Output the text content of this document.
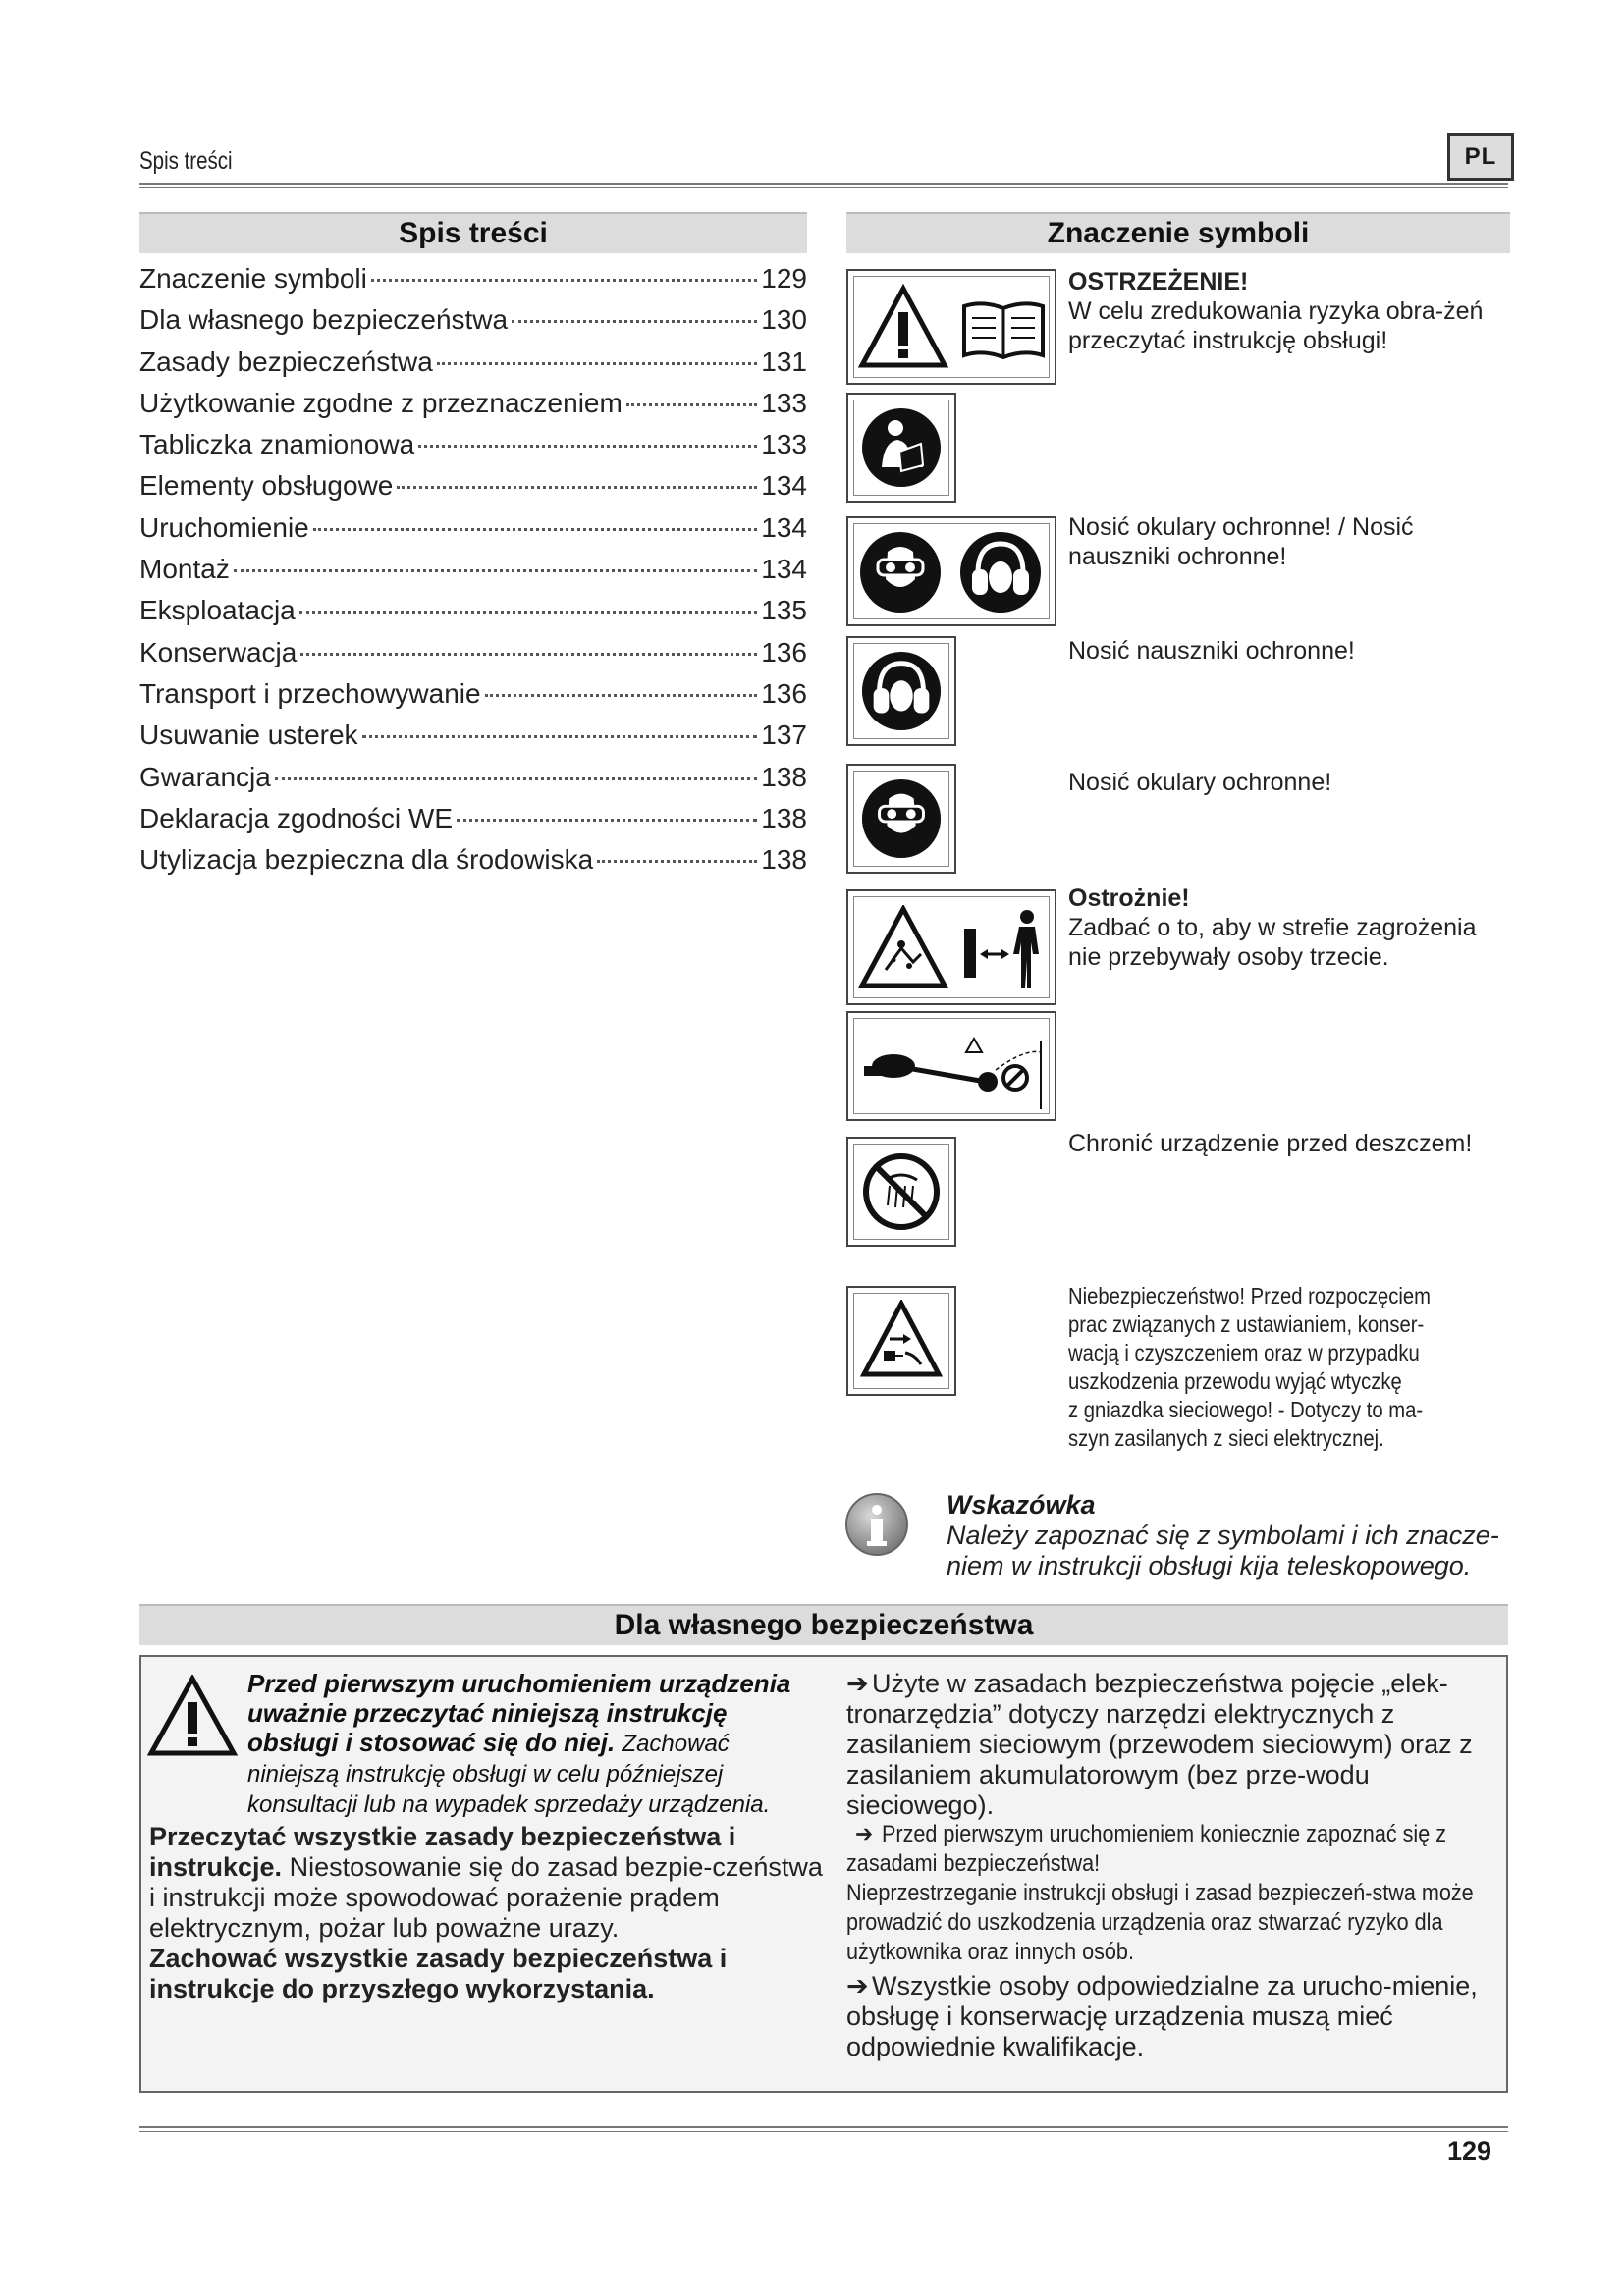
Spis treści	PL
Spis treści
Znaczenie symboli	129
Dla własnego bezpieczeństwa	130
Zasady bezpieczeństwa	131
Użytkowanie zgodne z przeznaczeniem	133
Tabliczka znamionowa	133
Elementy obsługowe	134
Uruchomienie	134
Montaż	134
Eksploatacja	135
Konserwacja	136
Transport i przechowywanie	136
Usuwanie usterek	137
Gwarancja	138
Deklaracja zgodności WE	138
Utylizacja bezpieczna dla środowiska	138
Znaczenie symboli
OSTRZEŻENIE!
W celu zredukowania ryzyka obra-żeń przeczytać instrukcję obsługi!
Nosić okulary ochronne! / Nosić nauszniki ochronne!
Nosić nauszniki ochronne!
Nosić okulary ochronne!
Ostrożnie!
Zadbać o to, aby w strefie zagrożenia nie przebywały osoby trzecie.
Chronić urządzenie przed deszczem!
Niebezpieczeństwo! Przed rozpoczęciem
prac związanych z ustawianiem, konser-
wacją i czyszczeniem oraz w przypadku
uszkodzenia przewodu wyjąć wtyczkę
z gniazdka sieciowego! - Dotyczy to ma-
szyn zasilanych z sieci elektrycznej.
Wskazówka
Należy zapoznać się z symbolami i ich znacze-niem w instrukcji obsługi kija teleskopowego.
Dla własnego bezpieczeństwa
Przed pierwszym uruchomieniem urządzenia uważnie przeczytać niniejszą instrukcję obsługi i stosować się do niej. Zachować niniejszą instrukcję obsługi w celu późniejszej konsultacji lub na wypadek sprzedaży urządzenia.
Przeczytać wszystkie zasady bezpieczeństwa i instrukcje. Niestosowanie się do zasad bezpie-czeństwa i instrukcji może spowodować porażenie prądem elektrycznym, pożar lub poważne urazy.
Zachować wszystkie zasady bezpieczeństwa i instrukcje do przyszłego wykorzystania.
➔ Użyte w zasadach bezpieczeństwa pojęcie „elek-tronarzędzia” dotyczy narzędzi elektrycznych z zasilaniem sieciowym (przewodem sieciowym) oraz z zasilaniem akumulatorowym (bez prze-wodu sieciowego).
➔ Przed pierwszym uruchomieniem koniecznie zapoznać się z zasadami bezpieczeństwa!
Nieprzestrzeganie instrukcji obsługi i zasad bezpieczeń-stwa może prowadzić do uszkodzenia urządzenia oraz stwarzać ryzyko dla użytkownika oraz innych osób.
➔ Wszystkie osoby odpowiedzialne za urucho-mienie, obsługę i konserwację urządzenia muszą mieć odpowiednie kwalifikacje.
129
